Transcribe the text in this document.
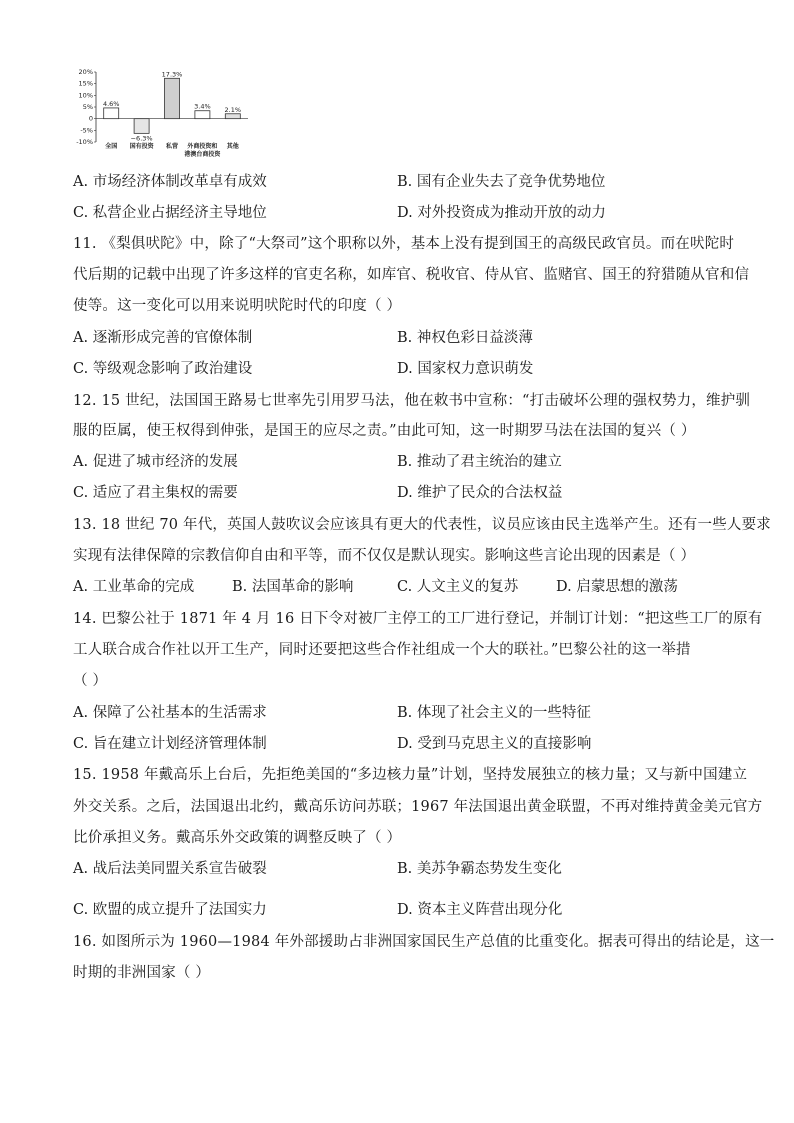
20%
15%
10%
5%
0
-5%
-10%
4.6%
−6.3%
17.3%
3.4% 2.1%
全国 国有投资 私营 外商投资和
港澳台商投资
其他
A. 市场经济体制改革卓有成效	B. 国有企业失去了竞争优势地位
C. 私营企业占据经济主导地位	D. 对外投资成为推动开放的动力
11. 《梨俱吠陀》中，除了“大祭司”这个职称以外，基本上没有提到国王的高级民政官员。而在吠陀时
代后期的记载中出现了许多这样的官吏名称，如库官、税收官、侍从官、监赌官、国王的狩猎随从官和信
使等。这一变化可以用来说明吠陀时代的印度（ ）
A. 逐渐形成完善的官僚体制	B. 神权色彩日益淡薄
C. 等级观念影响了政治建设	D. 国家权力意识萌发
12. 15 世纪，法国国王路易七世率先引用罗马法，他在敕书中宣称：“打击破坏公理的强权势力，维护驯
服的臣属，使王权得到伸张，是国王的应尽之责。”由此可知，这一时期罗马法在法国的复兴（ ）
A. 促进了城市经济的发展	B. 推动了君主统治的建立
C. 适应了君主集权的需要	D. 维护了民众的合法权益
13. 18 世纪 70 年代，英国人鼓吹议会应该具有更大的代表性，议员应该由民主选举产生。还有一些人要求
实现有法律保障的宗教信仰自由和平等，而不仅仅是默认现实。影响这些言论出现的因素是（ ）
A. 工业革命的完成	B. 法国革命的影响	C. 人文主义的复苏	D. 启蒙思想的激荡
14. 巴黎公社于 1871 年 4 月 16 日下令对被厂主停工的工厂进行登记，并制订计划：“把这些工厂的原有
工人联合成合作社以开工生产，同时还要把这些合作社组成一个大的联社。”巴黎公社的这一举措
（ ）
A. 保障了公社基本的生活需求	B. 体现了社会主义的一些特征
C. 旨在建立计划经济管理体制	D. 受到马克思主义的直接影响
15. 1958 年戴高乐上台后，先拒绝美国的“多边核力量”计划，坚持发展独立的核力量；又与新中国建立
外交关系。之后，法国退出北约，戴高乐访问苏联；1967 年法国退出黄金联盟，不再对维持黄金美元官方
比价承担义务。戴高乐外交政策的调整反映了（ ）
A. 战后法美同盟关系宣告破裂	B. 美苏争霸态势发生变化
C. 欧盟的成立提升了法国实力	D. 资本主义阵营出现分化
16. 如图所示为 1960—1984 年外部援助占非洲国家国民生产总值的比重变化。据表可得出的结论是，这一
时期的非洲国家（ ）
